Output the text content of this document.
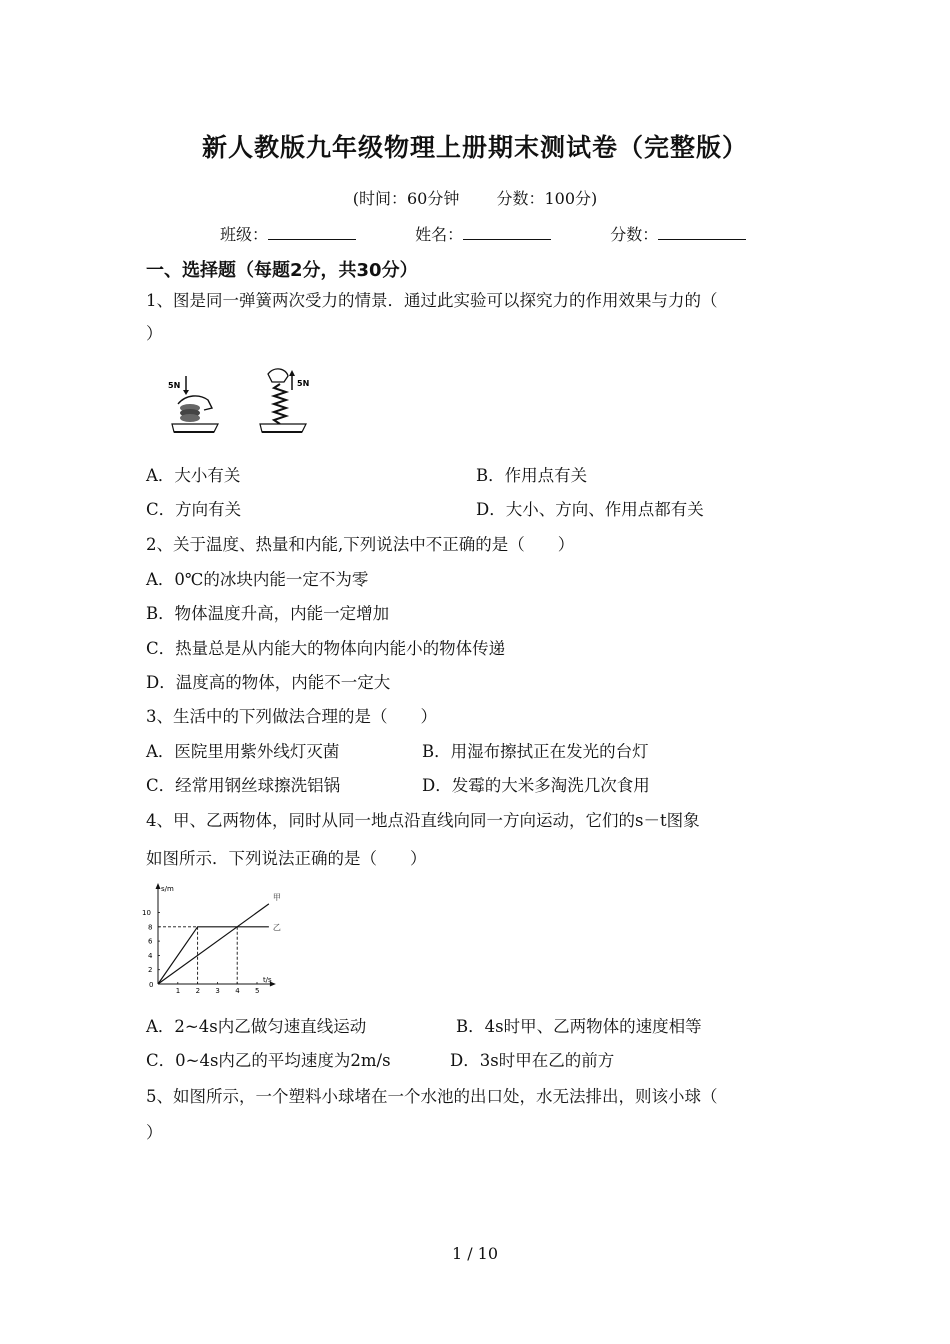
新人教版九年级物理上册期末测试卷（完整版）
(时间：60分钟 分数：100分)
班级：	姓名：	分数：
一、选择题（每题2分，共30分）
1、图是同一弹簧两次受力的情景．通过此实验可以探究力的作用效果与力的（
）
5N	5N
A．大小有关	B．作用点有关
C．方向有关	D．大小、方向、作用点都有关
2、关于温度、热量和内能,下列说法中不正确的是（　　）
A．0℃的冰块内能一定不为零
B．物体温度升高，内能一定增加
C．热量总是从内能大的物体向内能小的物体传递
D．温度高的物体，内能不一定大
3、生活中的下列做法合理的是（　　）
A．医院里用紫外线灯灭菌	B．用湿布擦拭正在发光的台灯
C．经常用钢丝球擦洗铝锅	D．发霉的大米多淘洗几次食用
4、甲、乙两物体，同时从同一地点沿直线向同一方向运动，它们的s－t图象
如图所示．下列说法正确的是（　　）
s/m
t/s
0
1 2 3 4 5
2
4
6
8
10
甲
乙
A．2~4s内乙做匀速直线运动	B．4s时甲、乙两物体的速度相等
C．0~4s内乙的平均速度为2m/s	D．3s时甲在乙的前方
5、如图所示，一个塑料小球堵在一个水池的出口处，水无法排出，则该小球（
）
1 / 10
